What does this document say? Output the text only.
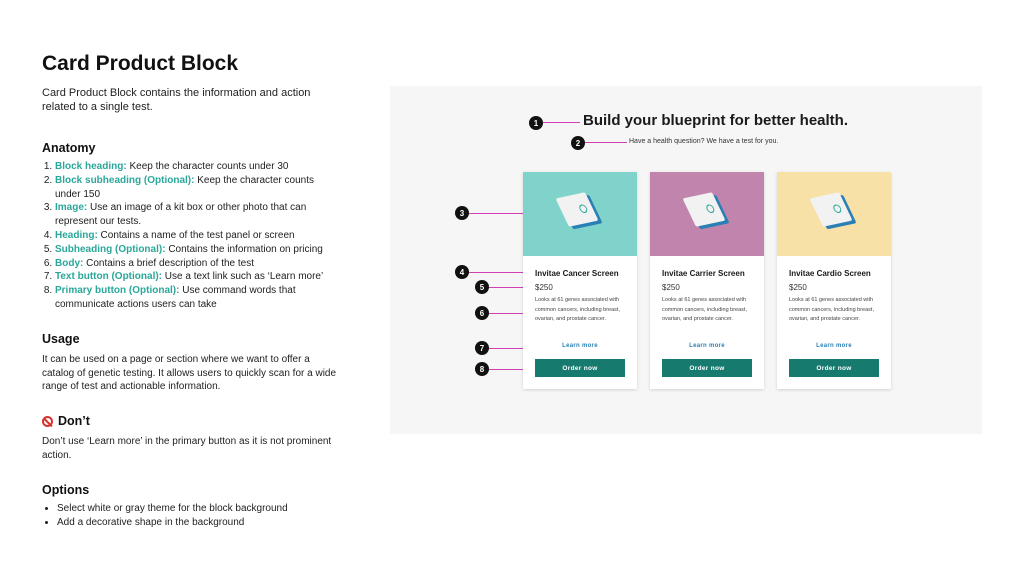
Card Product Block
Card Product Block contains the information and action related to a single test.
Anatomy
1. Block heading: Keep the character counts under 30
2. Block subheading (Optional): Keep the character counts under 150
3. Image: Use an image of a kit box or other photo that can represent our tests.
4. Heading: Contains a name of the test panel or screen
5. Subheading (Optional): Contains the information on pricing
6. Body: Contains a brief description of the test
7. Text button (Optional): Use a text link such as ‘Learn more’
8. Primary button (Optional): Use command words that communicate actions users can take
Usage
It can be used on a page or section where we want to offer a catalog of genetic testing. It allows users to quickly scan for a wide range of test and actionable information.
Don’t
Don’t use ‘Learn more’ in the primary button as it is not prominent action.
Options
• Select white or gray theme for the block background
• Add a decorative shape in the background
Build your blueprint for better health.
Have a health question? We have a test for you.
1
2
3
4
5
6
7
8
Invitae Cancer Screen
$250
Looks at 61 genes associated with common cancers, including breast, ovarian, and prostate cancer.
Learn more
Order now
Invitae Carrier Screen
$250
Looks at 61 genes associated with common cancers, including breast, ovarian, and prostate cancer.
Learn more
Order now
Invitae Cardio Screen
$250
Looks at 61 genes associated with common cancers, including breast, ovarian, and prostate cancer.
Learn more
Order now
